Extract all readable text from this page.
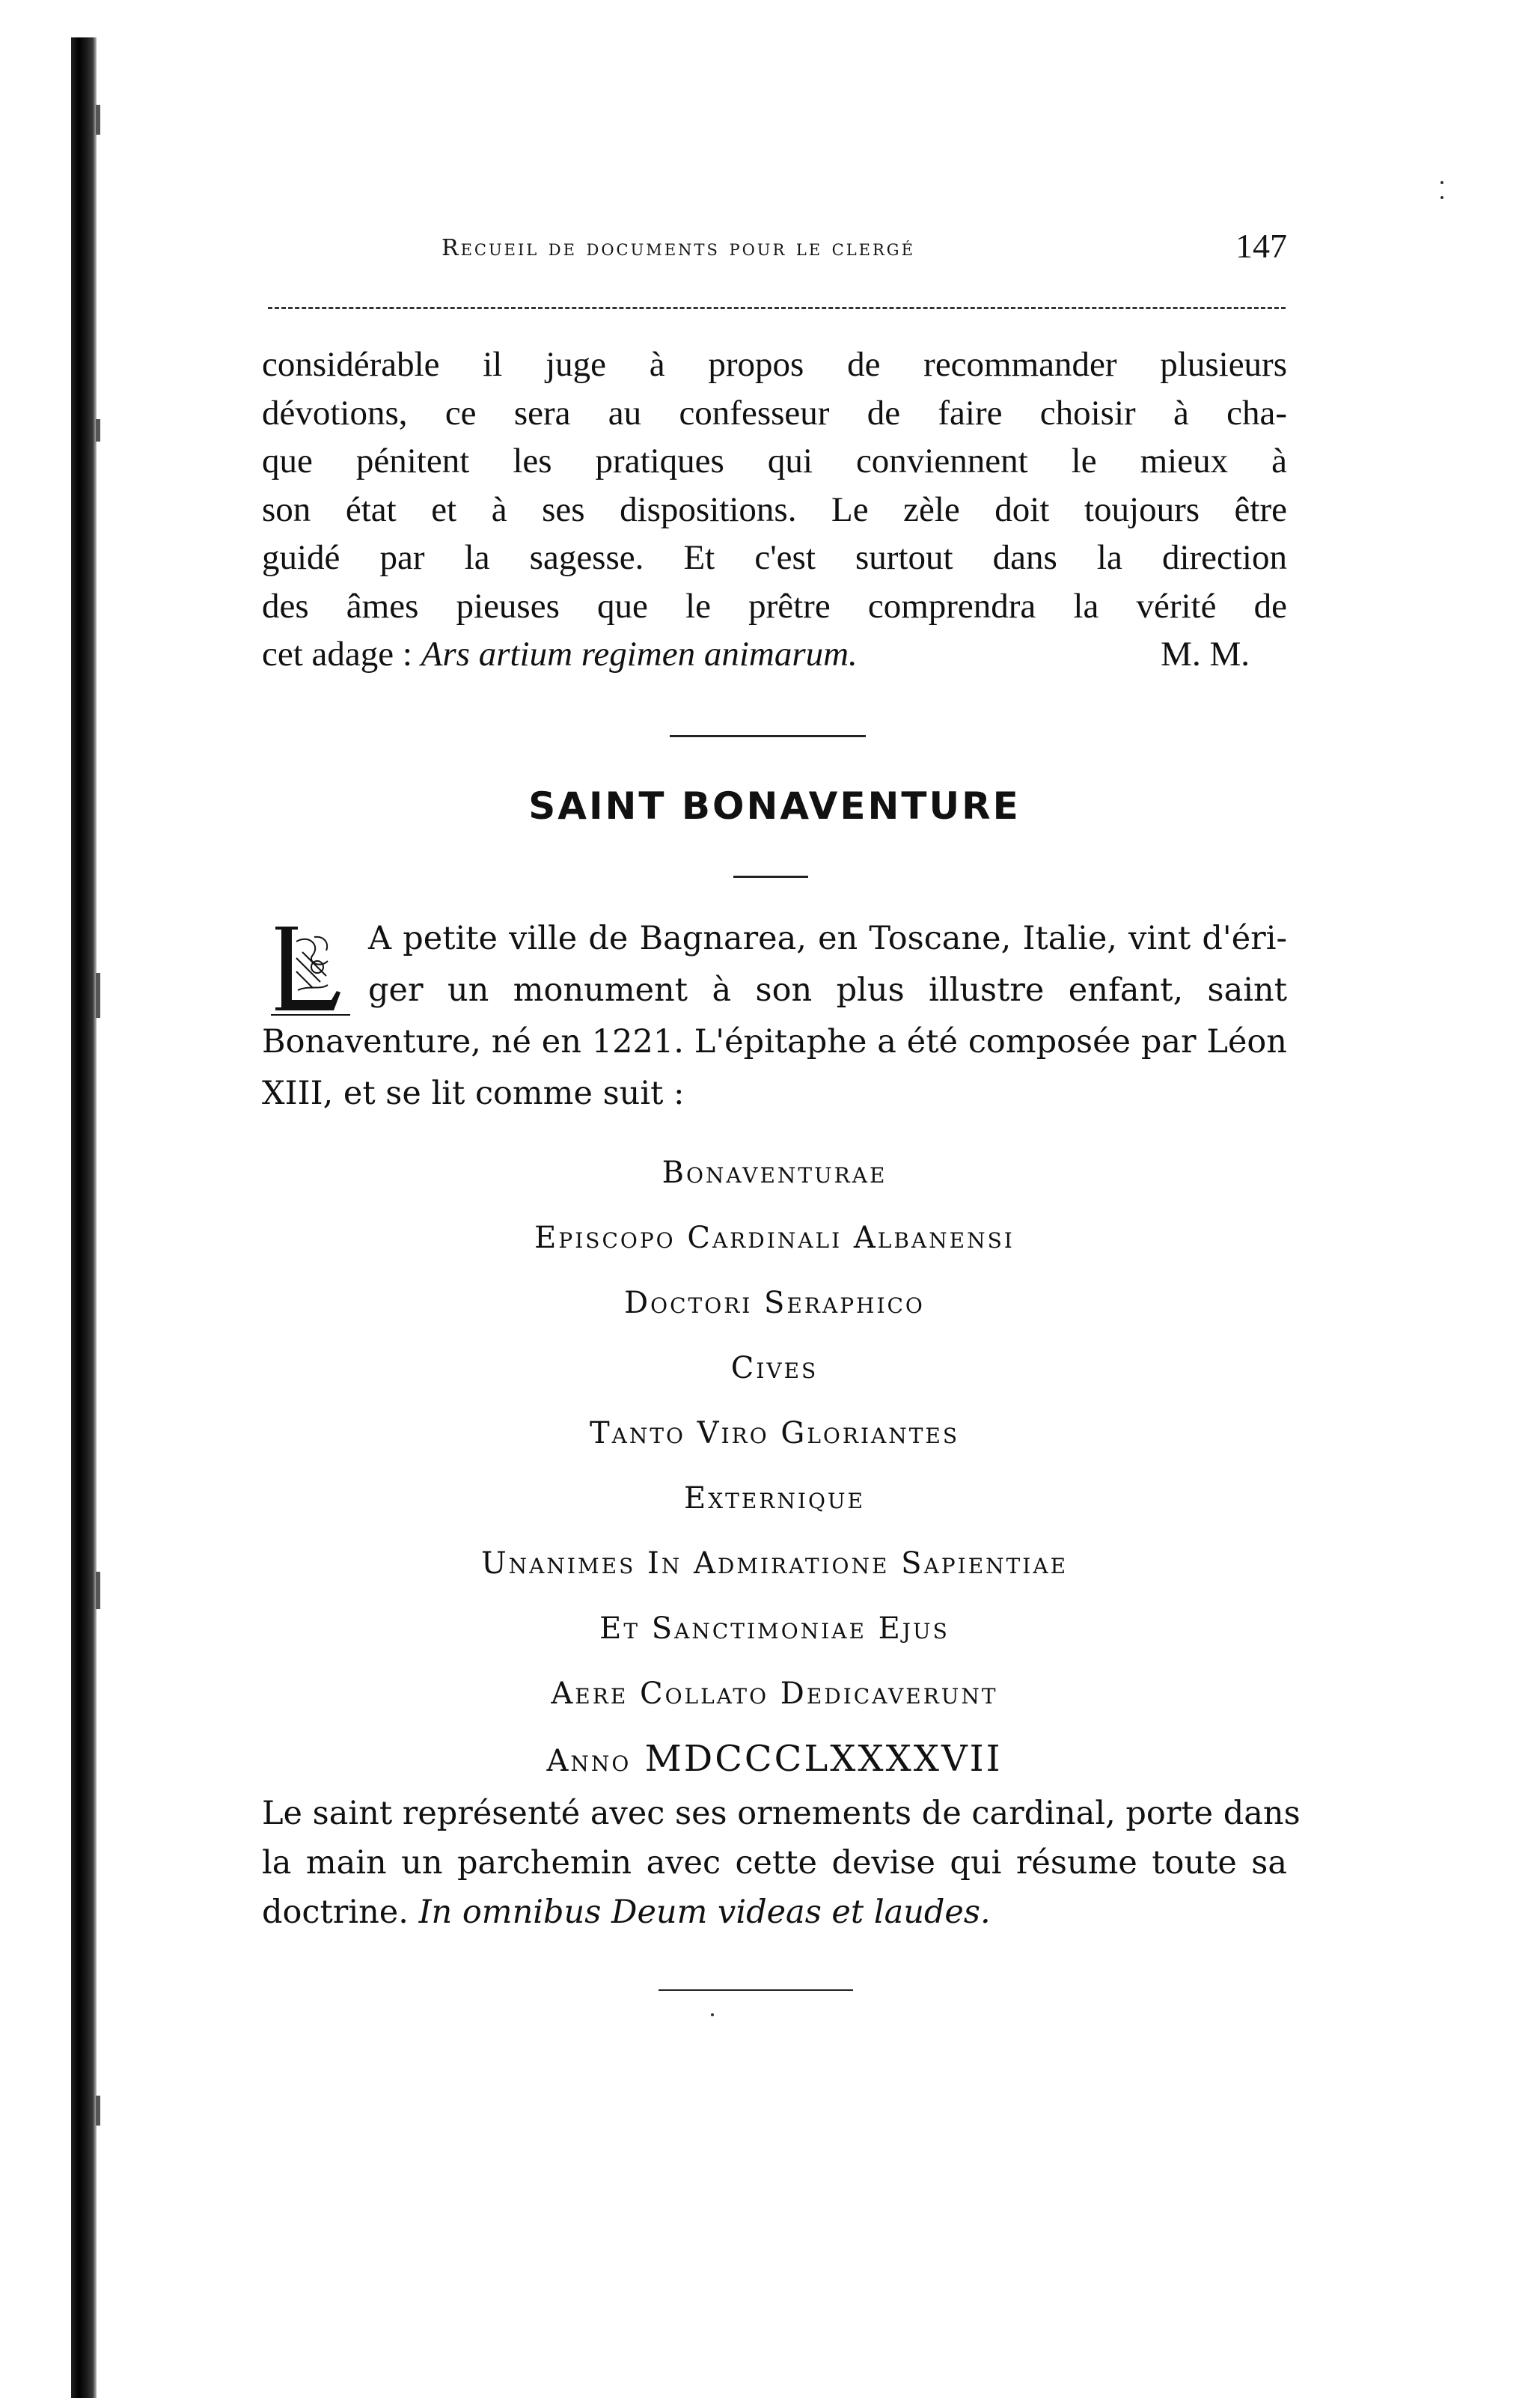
Recueil de documents pour le clergé	147
considérable il juge à propos de recommander plusieurs
dévotions, ce sera au confesseur de faire choisir à cha-
que pénitent les pratiques qui conviennent le mieux à
son état et à ses dispositions. Le zèle doit toujours être
guidé par la sagesse. Et c'est surtout dans la direction
des âmes pieuses que le prêtre comprendra la vérité de
cet adage : Ars artium regimen animarum.	M. M.
SAINT BONAVENTURE
A petite ville de Bagnarea, en Toscane, Italie, vint d'éri-
ger un monument à son plus illustre enfant, saint
Bonaventure, né en 1221. L'épitaphe a été composée par Léon
XIII, et se lit comme suit :
Bonaventurae
Episcopo Cardinali Albanensi
Doctori Seraphico
Cives
Tanto Viro Gloriantes
Externique
Unanimes In Admiratione Sapientiae
Et Sanctimoniae Ejus
Aere Collato Dedicaverunt
Anno MDCCCLXXXXVII
Le saint représenté avec ses ornements de cardinal, porte dans
la main un parchemin avec cette devise qui résume toute sa
doctrine. In omnibus Deum videas et laudes.
